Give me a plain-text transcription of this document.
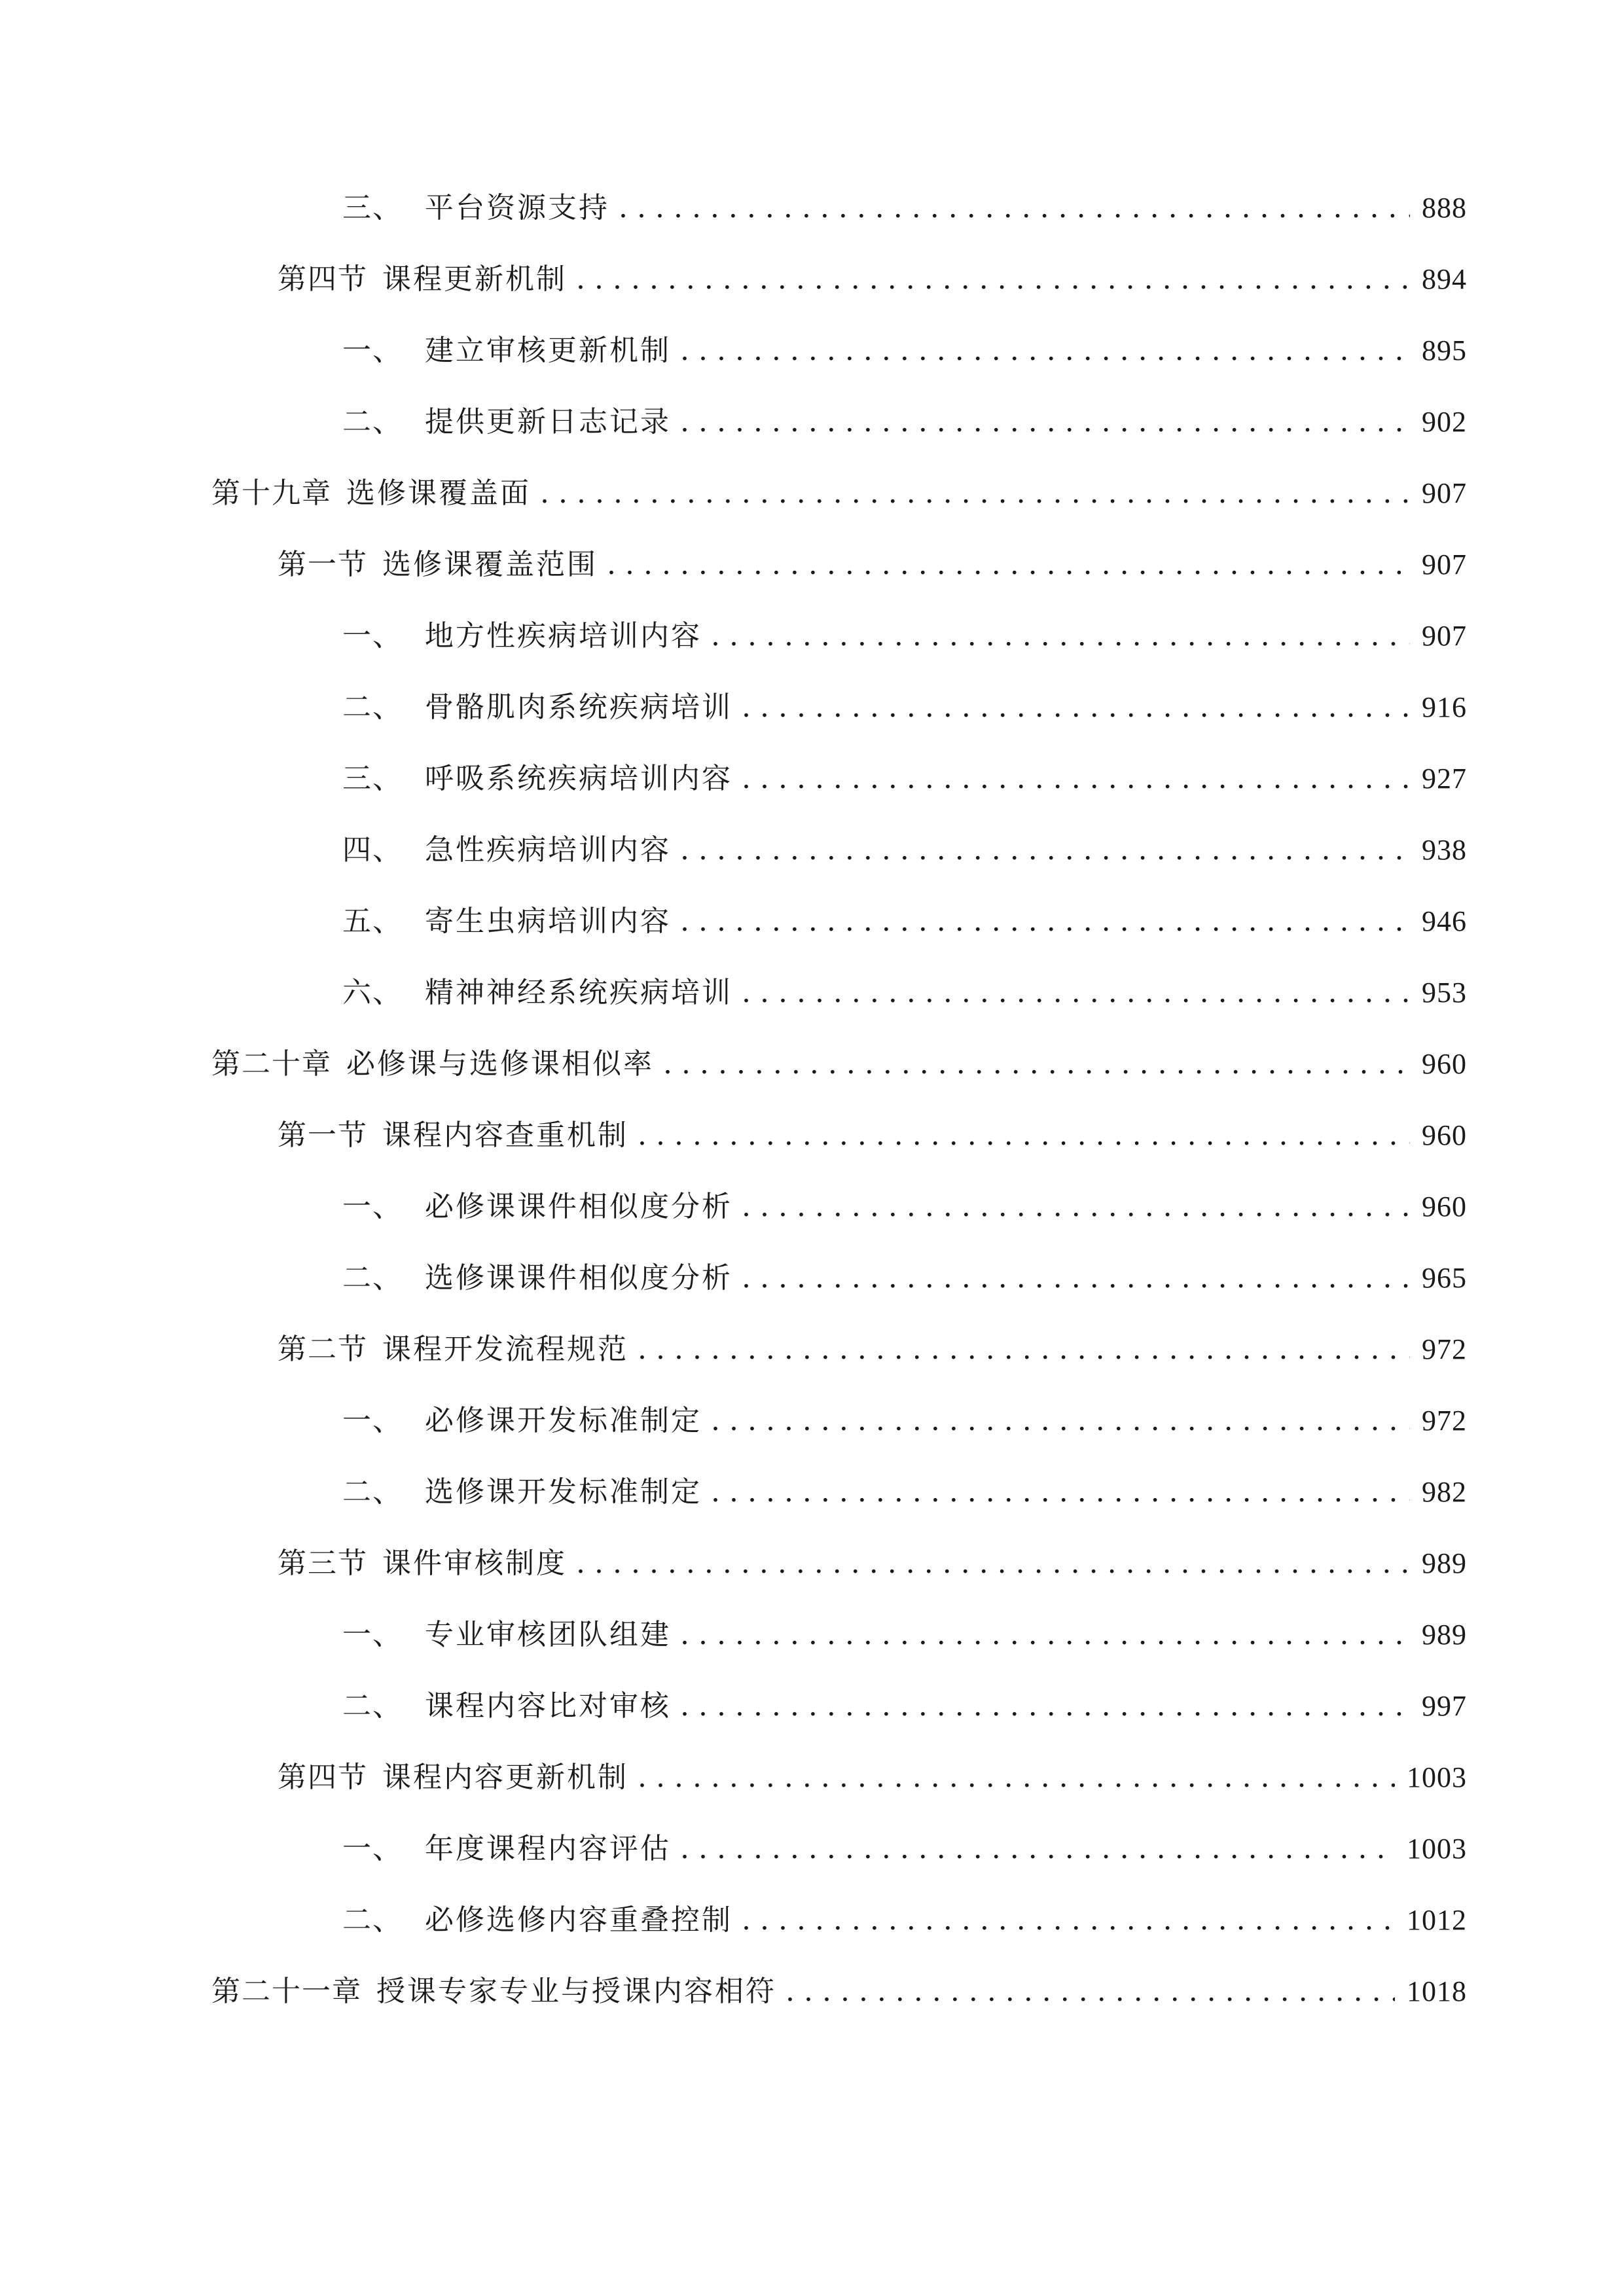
三、 平台资源支持 .....	888
第四节 课程更新机制 .....	894
一、 建立审核更新机制 .....	895
二、 提供更新日志记录 .....	902
第十九章 选修课覆盖面 .....	907
第一节 选修课覆盖范围 .....	907
一、 地方性疾病培训内容 .....	907
二、 骨骼肌肉系统疾病培训 .....	916
三、 呼吸系统疾病培训内容 .....	927
四、 急性疾病培训内容 .....	938
五、 寄生虫病培训内容 .....	946
六、 精神神经系统疾病培训 .....	953
第二十章 必修课与选修课相似率 .....	960
第一节 课程内容查重机制 .....	960
一、 必修课课件相似度分析 .....	960
二、 选修课课件相似度分析 .....	965
第二节 课程开发流程规范 .....	972
一、 必修课开发标准制定 .....	972
二、 选修课开发标准制定 .....	982
第三节 课件审核制度 .....	989
一、 专业审核团队组建 .....	989
二、 课程内容比对审核 .....	997
第四节 课程内容更新机制 .....	1003
一、 年度课程内容评估 .....	1003
二、 必修选修内容重叠控制 .....	1012
第二十一章 授课专家专业与授课内容相符 .....	1018
